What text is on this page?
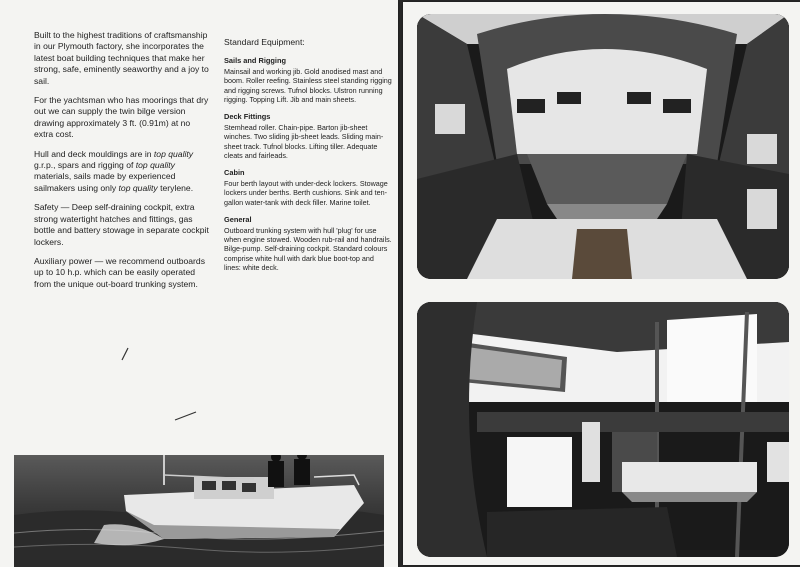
Built to the highest traditions of craftsmanship in our Plymouth factory, she incorporates the latest boat building techniques that make her strong, safe, eminently seaworthy and a joy to sail.

For the yachtsman who has moorings that dry out we can supply the twin bilge version drawing approximately 3 ft. (0.91m) at no extra cost.

Hull and deck mouldings are in top quality g.r.p., spars and rigging of top quality materials, sails made by experienced sailmakers using only top quality terylene.

Safety — Deep self-draining cockpit, extra strong watertight hatches and fittings, gas bottle and battery stowage in separate cockpit lockers.

Auxiliary power — we recommend outboards up to 10 h.p. which can be easily operated from the unique out-board trunking system.

Standard Equipment:
Sails and Rigging
Mainsail and working jib. Gold anodised mast and boom. Roller reefing. Stainless steel standing rigging and rigging screws. Tufnol blocks. Ulstron running rigging. Topping Lift. Jib and main sheets.
Deck Fittings
Stemhead roller. Chain-pipe. Barton jib-sheet winches. Two sliding jib-sheet leads. Sliding main-sheet track. Tufnol blocks. Lifting tiller. Adequate cleats and fairleads.
Cabin
Four berth layout with under-deck lockers. Stowage lockers under berths. Berth cushions. Sink and ten-gallon water-tank with deck filler. Marine toilet.
General
Outboard trunking system with hull 'plug' for use when engine stowed. Wooden rub-rail and handrails. Bilge-pump. Self-draining cockpit. Standard colours comprise white hull with dark blue boot-top and lines: white deck.
